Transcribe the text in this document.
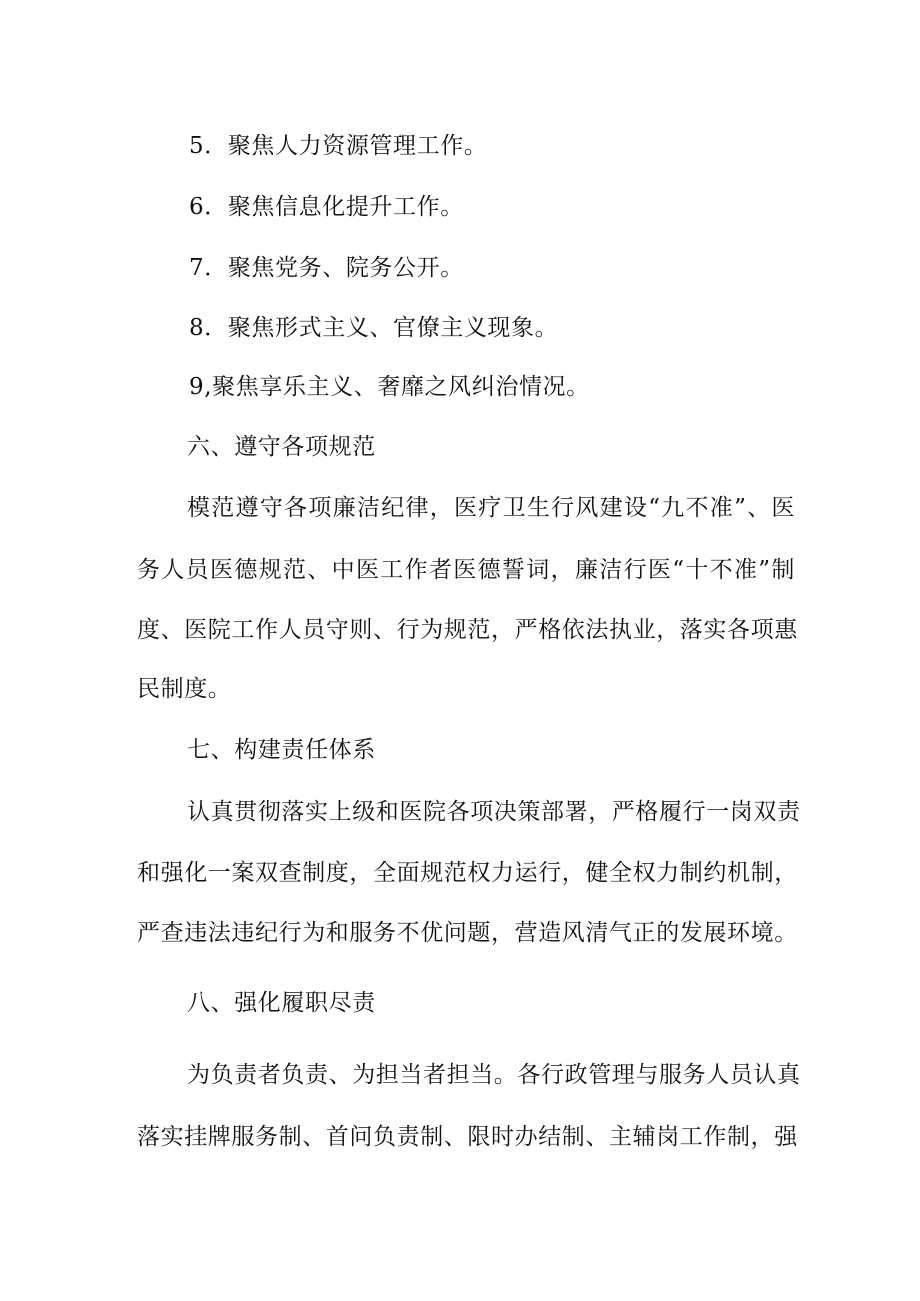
5．聚焦人力资源管理工作。
6．聚焦信息化提升工作。
7．聚焦党务、院务公开。
8．聚焦形式主义、官僚主义现象。
9,聚焦享乐主义、奢靡之风纠治情况。
六、遵守各项规范
模范遵守各项廉洁纪律，医疗卫生行风建设“九不准”、医
务人员医德规范、中医工作者医德誓词，廉洁行医“十不准”制
度、医院工作人员守则、行为规范，严格依法执业，落实各项惠
民制度。
七、构建责任体系
认真贯彻落实上级和医院各项决策部署，严格履行一岗双责
和强化一案双查制度，全面规范权力运行，健全权力制约机制，
严查违法违纪行为和服务不优问题，营造风清气正的发展环境。
八、强化履职尽责
为负责者负责、为担当者担当。各行政管理与服务人员认真
落实挂牌服务制、首问负责制、限时办结制、主辅岗工作制，强
